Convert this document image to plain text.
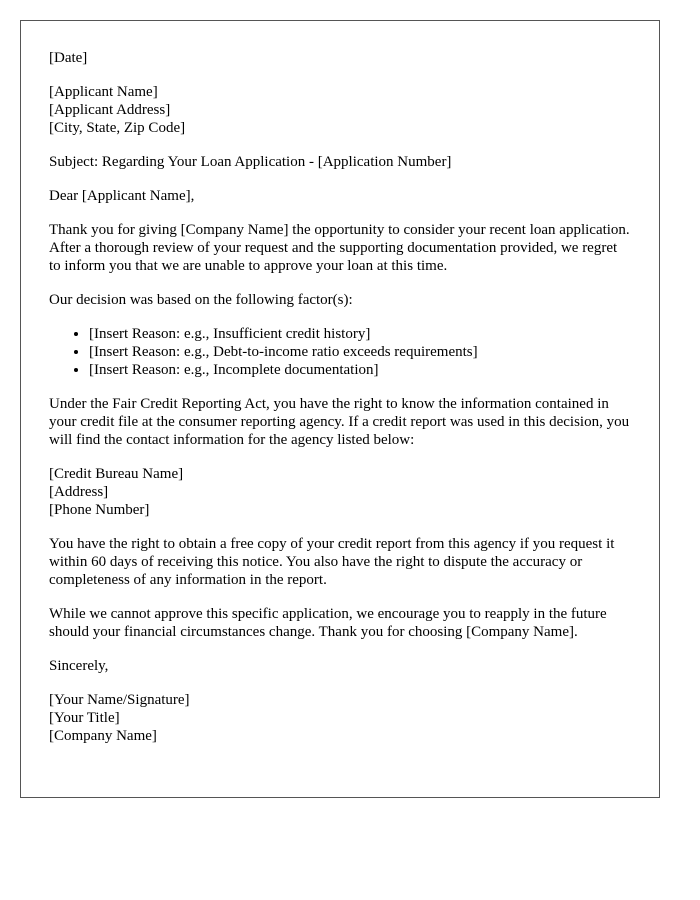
[Date]

[Applicant Name]
[Applicant Address]
[City, State, Zip Code]

Subject: Regarding Your Loan Application - [Application Number]

Dear [Applicant Name],

Thank you for giving [Company Name] the opportunity to consider your recent loan application. After a thorough review of your request and the supporting documentation provided, we regret to inform you that we are unable to approve your loan at this time.

Our decision was based on the following factor(s):

• [Insert Reason: e.g., Insufficient credit history]
• [Insert Reason: e.g., Debt-to-income ratio exceeds requirements]
• [Insert Reason: e.g., Incomplete documentation]

Under the Fair Credit Reporting Act, you have the right to know the information contained in your credit file at the consumer reporting agency. If a credit report was used in this decision, you will find the contact information for the agency listed below:

[Credit Bureau Name]
[Address]
[Phone Number]

You have the right to obtain a free copy of your credit report from this agency if you request it within 60 days of receiving this notice. You also have the right to dispute the accuracy or completeness of any information in the report.

While we cannot approve this specific application, we encourage you to reapply in the future should your financial circumstances change. Thank you for choosing [Company Name].

Sincerely,

[Your Name/Signature]
[Your Title]
[Company Name]
